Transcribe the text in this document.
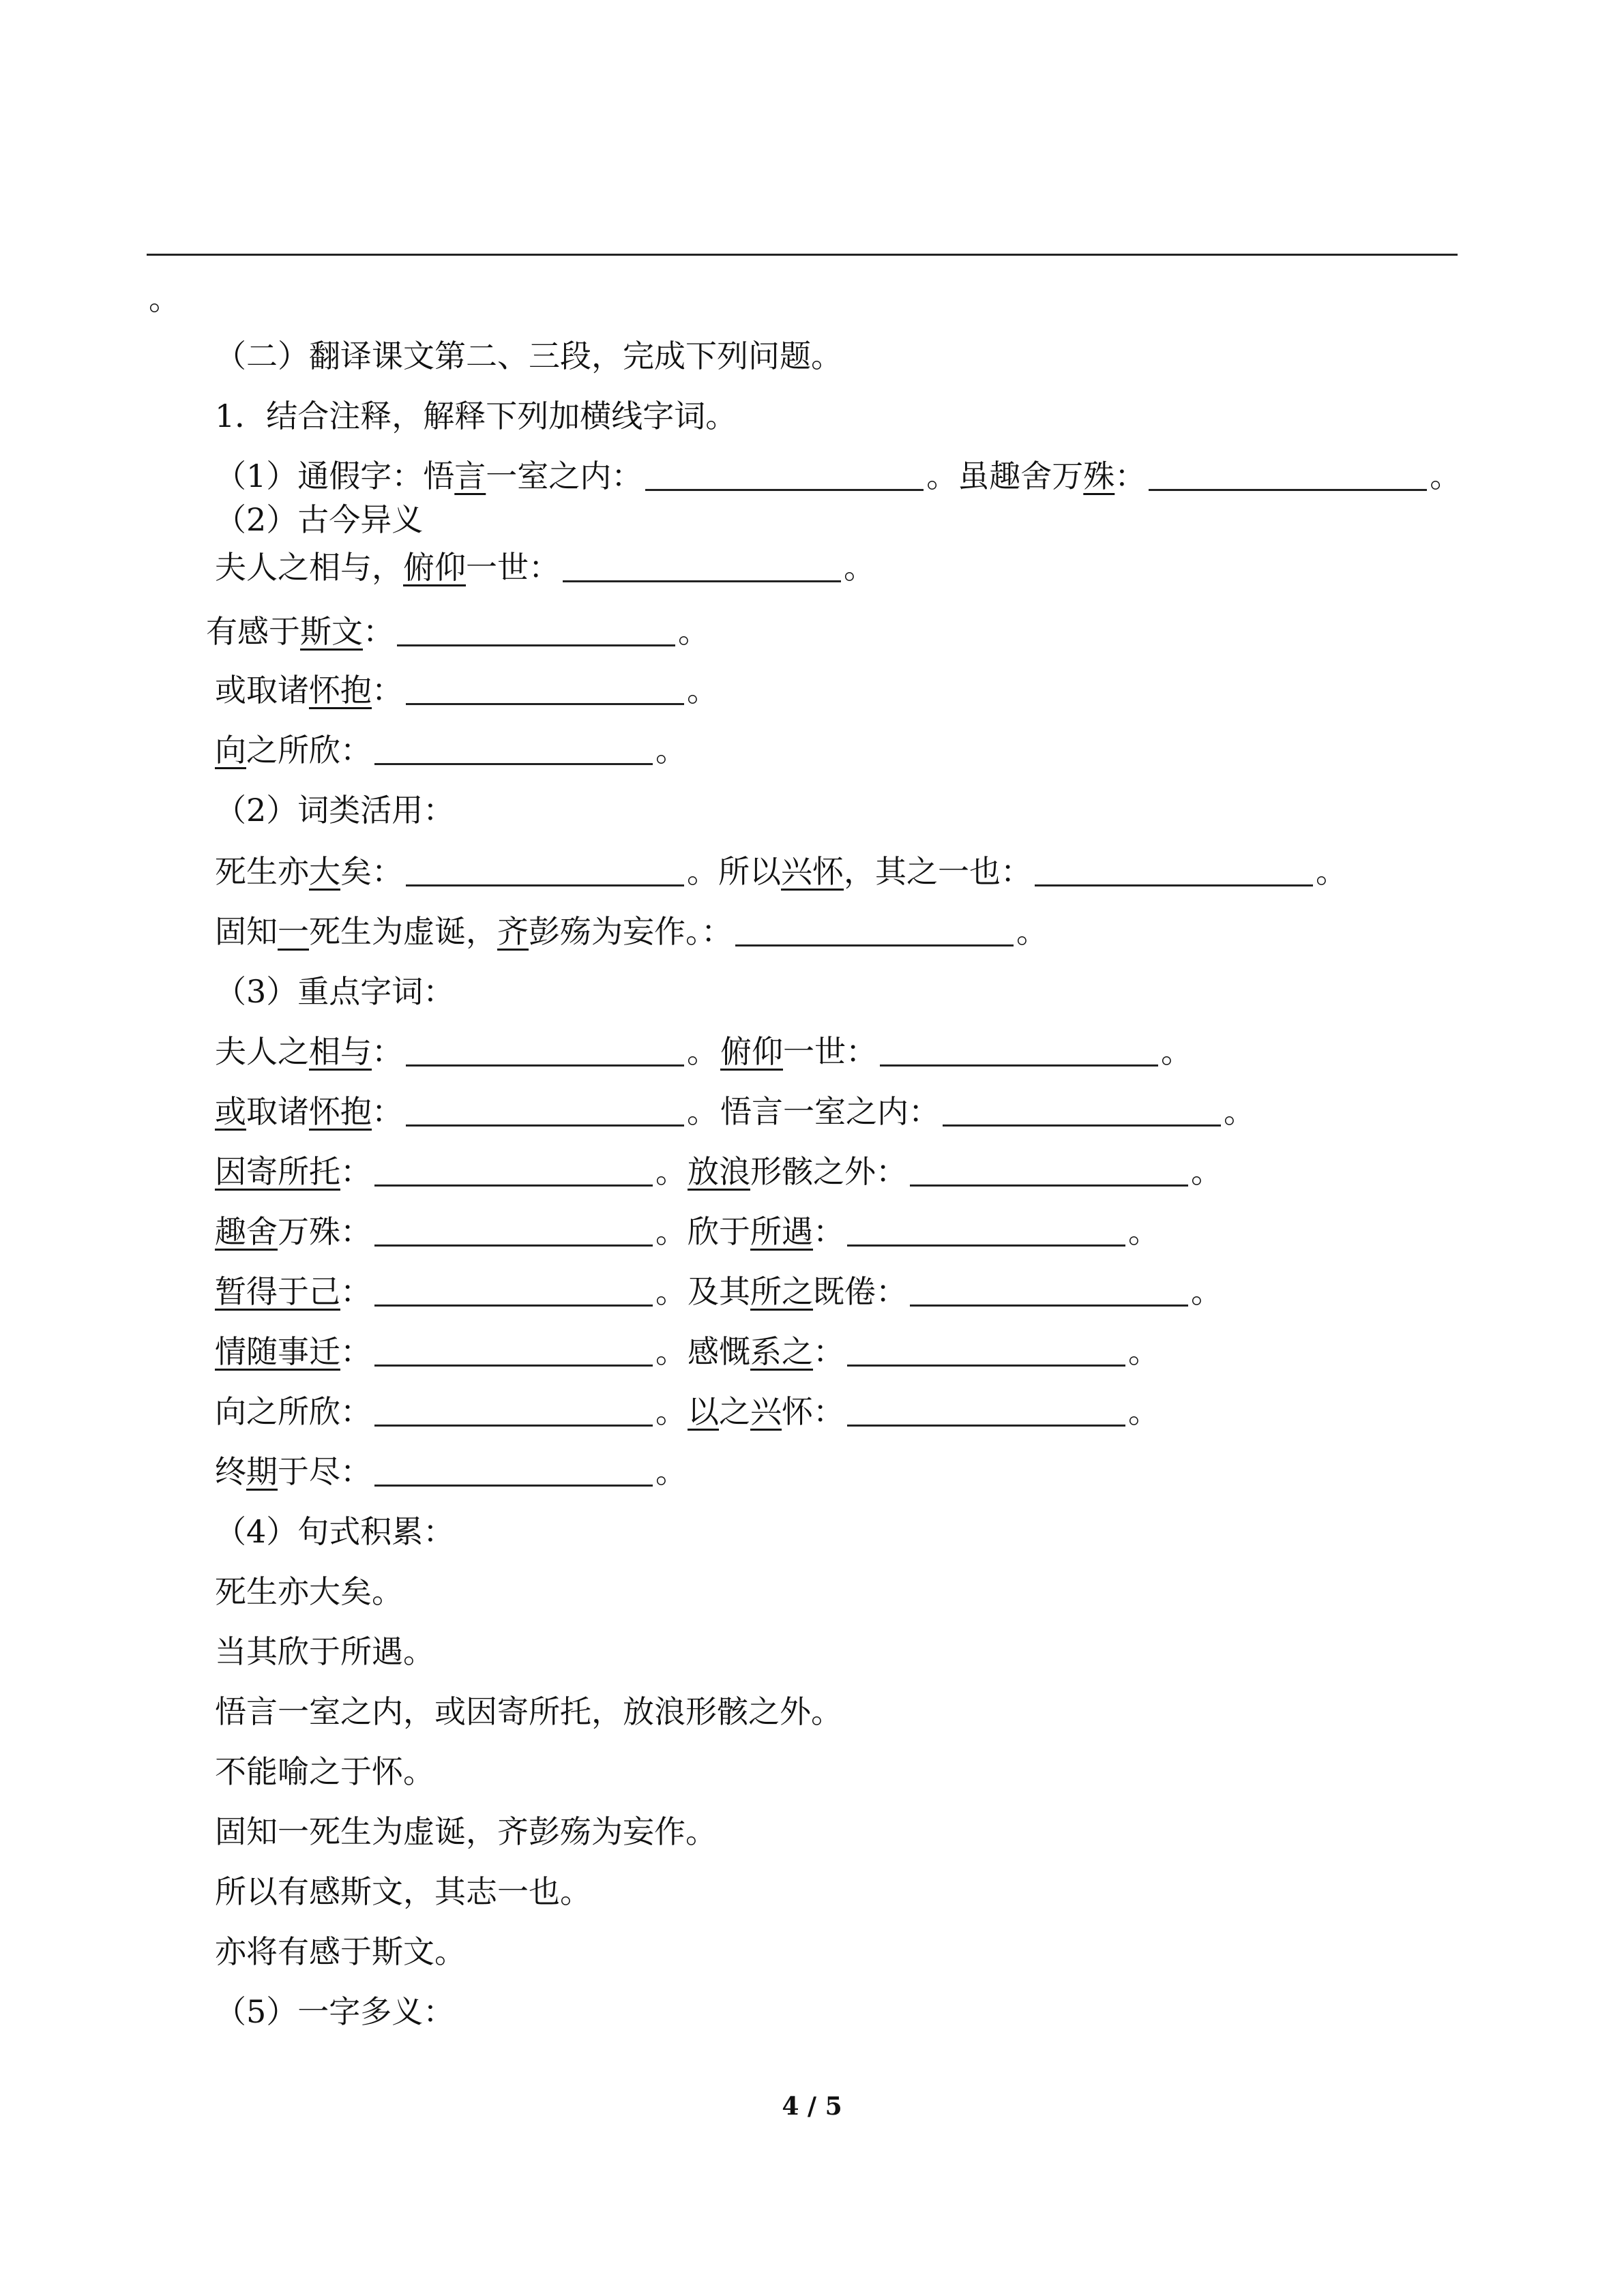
。
（二）翻译课文第二、三段，完成下列问题。
1．结合注释，解释下列加横线字词。
（1）通假字：悟言一室之内：	。虽趣舍万殊：	。
（2）古今异义
夫人之相与，俯仰一世：	。
有感于斯文：	。
或取诸怀抱：	。
向之所欣：	。
（2）词类活用：
死生亦大矣：	。所以兴怀，其之一也：	。
固知一死生为虚诞，齐彭殇为妄作。：	。
（3）重点字词：
夫人之相与：	。 俯仰一世：	。
或取诸怀抱：	。 悟言一室之内：	。
因寄所托：	。 放浪形骸之外：	。
趣舍万殊：	。 欣于所遇：	。
暂得于己：	。 及其所之既倦：	。
情随事迁：	。 感慨系之：	。
向之所欣：	。 以之兴怀：	。
终期于尽：	。
（4）句式积累：
死生亦大矣。
当其欣于所遇。
悟言一室之内，或因寄所托，放浪形骸之外。
不能喻之于怀。
固知一死生为虚诞，齐彭殇为妄作。
所以有感斯文，其志一也。
亦将有感于斯文。
（5）一字多义：
4 / 5
